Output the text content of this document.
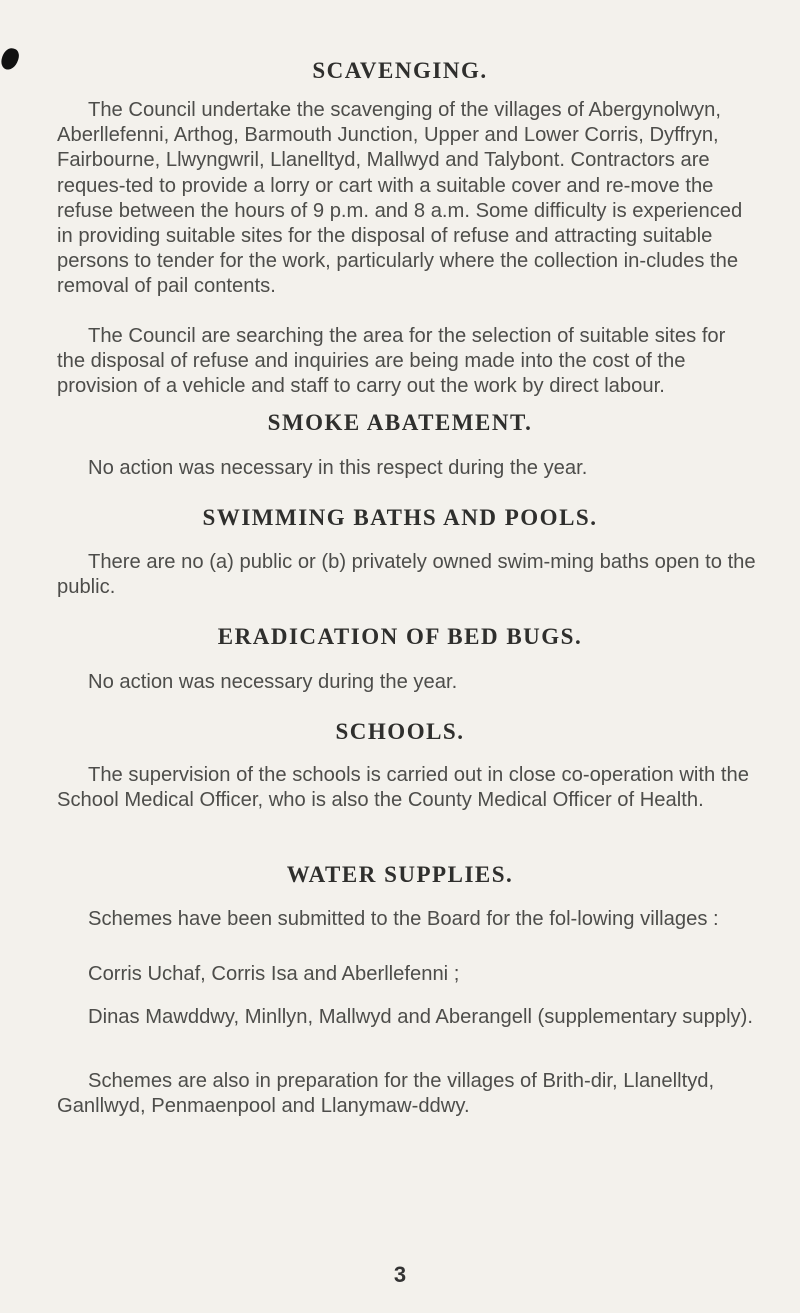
SCAVENGING.
The Council undertake the scavenging of the villages of Abergynolwyn, Aberllefenni, Arthog, Barmouth Junction, Upper and Lower Corris, Dyffryn, Fairbourne, Llwyngwril, Llanelltyd, Mallwyd and Talybont. Contractors are reques-ted to provide a lorry or cart with a suitable cover and re-move the refuse between the hours of 9 p.m. and 8 a.m. Some difficulty is experienced in providing suitable sites for the disposal of refuse and attracting suitable persons to tender for the work, particularly where the collection in-cludes the removal of pail contents.
The Council are searching the area for the selection of suitable sites for the disposal of refuse and inquiries are being made into the cost of the provision of a vehicle and staff to carry out the work by direct labour.
SMOKE ABATEMENT.
No action was necessary in this respect during the year.
SWIMMING BATHS AND POOLS.
There are no (a) public or (b) privately owned swim-ming baths open to the public.
ERADICATION OF BED BUGS.
No action was necessary during the year.
SCHOOLS.
The supervision of the schools is carried out in close co-operation with the School Medical Officer, who is also the County Medical Officer of Health.
WATER SUPPLIES.
Schemes have been submitted to the Board for the fol-lowing villages :
Corris Uchaf, Corris Isa and Aberllefenni ;
Dinas Mawddwy, Minllyn, Mallwyd and Aberangell (supplementary supply).
Schemes are also in preparation for the villages of Brith-dir, Llanelltyd, Ganllwyd, Penmaenpool and Llanymaw-ddwy.
3
